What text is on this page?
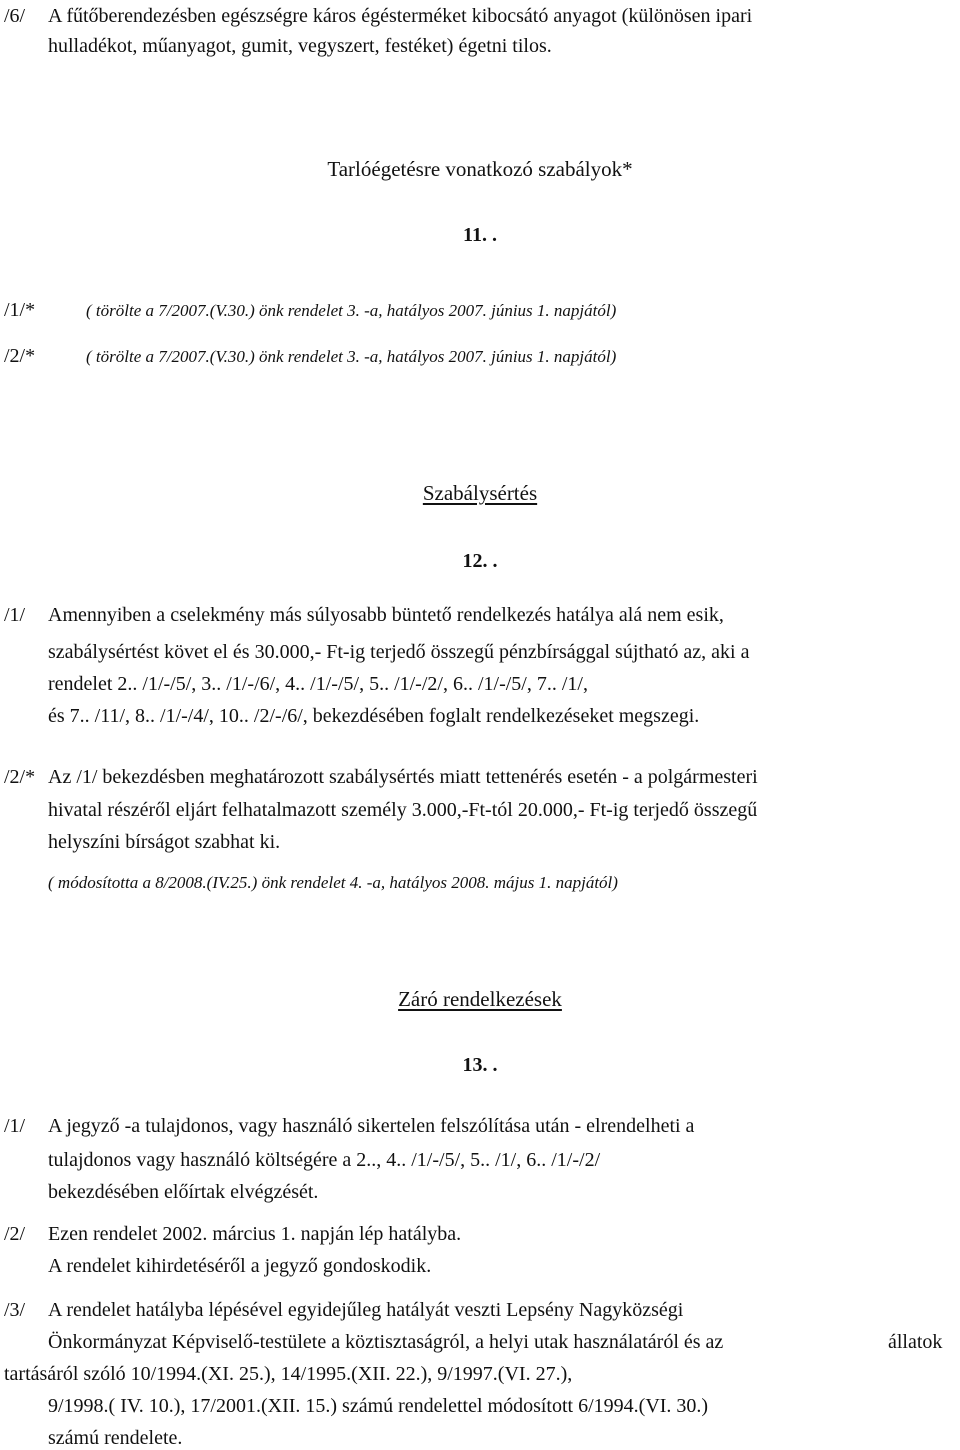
/6/ A fűtőberendezésben egészségre káros égésterméket kibocsátó anyagot (különösen ipari
hulladékot, műanyagot, gumit, vegyszert, festéket) égetni tilos.
Tarlóégetésre vonatkozó szabályok*
11. .
/1/*	( törölte a 7/2007.(V.30.) önk rendelet 3. -a, hatályos 2007. június 1. napjától)
/2/*	( törölte a 7/2007.(V.30.) önk rendelet 3. -a, hatályos 2007. június 1. napjától)
Szabálysértés
12. .
/1/ Amennyiben a cselekmény más súlyosabb büntető rendelkezés hatálya alá nem esik,
szabálysértést követ el és 30.000,- Ft-ig terjedő összegű pénzbírsággal sújtható az, aki a
rendelet 2.. /1/-/5/, 3.. /1/-/6/, 4.. /1/-/5/, 5.. /1/-/2/, 6.. /1/-/5/, 7.. /1/,
és 7.. /11/, 8.. /1/-/4/, 10.. /2/-/6/, bekezdésében foglalt rendelkezéseket megszegi.
/2/* Az /1/ bekezdésben meghatározott szabálysértés miatt tettenérés esetén - a polgármesteri
hivatal részéről eljárt felhatalmazott személy 3.000,-Ft-tól 20.000,- Ft-ig terjedő összegű
helyszíni bírságot szabhat ki.
( módosította a 8/2008.(IV.25.) önk rendelet 4. -a, hatályos 2008. május 1. napjától)
Záró rendelkezések
13. .
/1/ A jegyző -a tulajdonos, vagy használó sikertelen felszólítása után - elrendelheti a
tulajdonos vagy használó költségére a 2.., 4.. /1/-/5/, 5.. /1/, 6.. /1/-/2/
bekezdésében előírtak elvégzését.
/2/ Ezen rendelet 2002. március 1. napján lép hatályba.
A rendelet kihirdetéséről a jegyző gondoskodik.
/3/ A rendelet hatályba lépésével egyidejűleg hatályát veszti Lepsény Nagyközségi
Önkormányzat Képviselő-testülete a köztisztaságról, a helyi utak használatáról és az	állatok
tartásáról szóló 10/1994.(XI. 25.), 14/1995.(XII. 22.), 9/1997.(VI. 27.),
9/1998.( IV. 10.), 17/2001.(XII. 15.) számú rendelettel módosított 6/1994.(VI. 30.)
számú rendelete.
